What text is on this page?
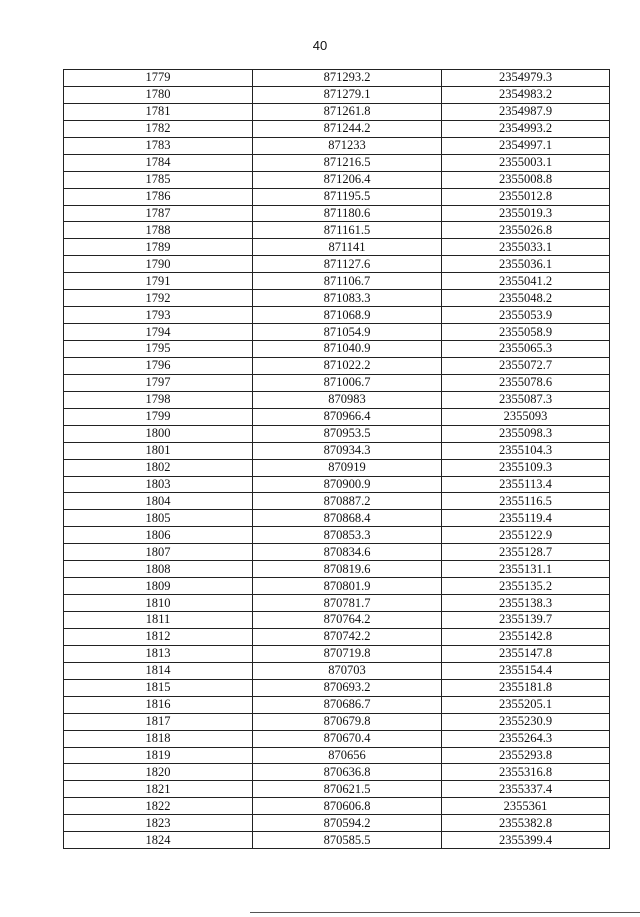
40
1779	871293.2	2354979.3
1780	871279.1	2354983.2
1781	871261.8	2354987.9
1782	871244.2	2354993.2
1783	871233	2354997.1
1784	871216.5	2355003.1
1785	871206.4	2355008.8
1786	871195.5	2355012.8
1787	871180.6	2355019.3
1788	871161.5	2355026.8
1789	871141	2355033.1
1790	871127.6	2355036.1
1791	871106.7	2355041.2
1792	871083.3	2355048.2
1793	871068.9	2355053.9
1794	871054.9	2355058.9
1795	871040.9	2355065.3
1796	871022.2	2355072.7
1797	871006.7	2355078.6
1798	870983	2355087.3
1799	870966.4	2355093
1800	870953.5	2355098.3
1801	870934.3	2355104.3
1802	870919	2355109.3
1803	870900.9	2355113.4
1804	870887.2	2355116.5
1805	870868.4	2355119.4
1806	870853.3	2355122.9
1807	870834.6	2355128.7
1808	870819.6	2355131.1
1809	870801.9	2355135.2
1810	870781.7	2355138.3
1811	870764.2	2355139.7
1812	870742.2	2355142.8
1813	870719.8	2355147.8
1814	870703	2355154.4
1815	870693.2	2355181.8
1816	870686.7	2355205.1
1817	870679.8	2355230.9
1818	870670.4	2355264.3
1819	870656	2355293.8
1820	870636.8	2355316.8
1821	870621.5	2355337.4
1822	870606.8	2355361
1823	870594.2	2355382.8
1824	870585.5	2355399.4
